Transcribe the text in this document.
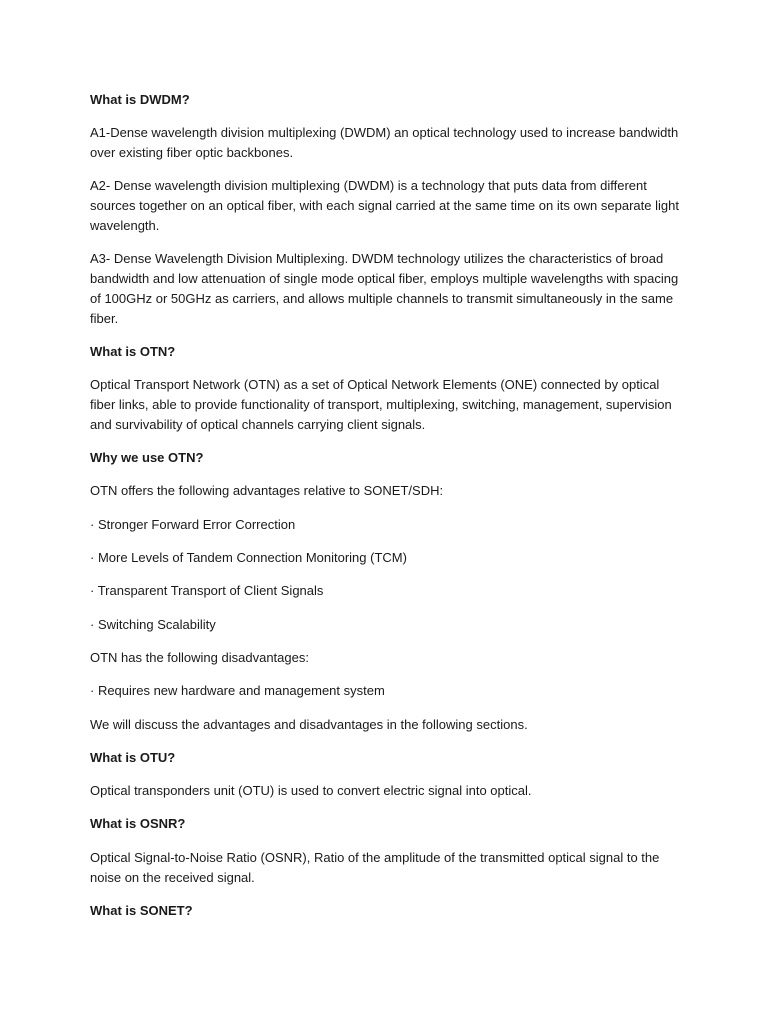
What is DWDM?
A1-Dense wavelength division multiplexing (DWDM) an optical technology used to increase bandwidth over existing fiber optic backbones.
A2- Dense wavelength division multiplexing (DWDM) is a technology that puts data from different sources together on an optical fiber, with each signal carried at the same time on its own separate light wavelength.
A3- Dense Wavelength Division Multiplexing. DWDM technology utilizes the characteristics of broad bandwidth and low attenuation of single mode optical fiber, employs multiple wavelengths with spacing of 100GHz or 50GHz as carriers, and allows multiple channels to transmit simultaneously in the same fiber.
What is OTN?
Optical Transport Network (OTN) as a set of Optical Network Elements (ONE) connected by optical fiber links, able to provide functionality of transport, multiplexing, switching, management, supervision and survivability of optical channels carrying client signals.
Why we use OTN?
OTN offers the following advantages relative to SONET/SDH:
· Stronger Forward Error Correction
· More Levels of Tandem Connection Monitoring (TCM)
· Transparent Transport of Client Signals
· Switching Scalability
OTN has the following disadvantages:
· Requires new hardware and management system
We will discuss the advantages and disadvantages in the following sections.
What is OTU?
Optical transponders unit (OTU) is used to convert electric signal into optical.
What is OSNR?
Optical Signal-to-Noise Ratio (OSNR), Ratio of the amplitude of the transmitted optical signal to the noise on the received signal.
What is SONET?
